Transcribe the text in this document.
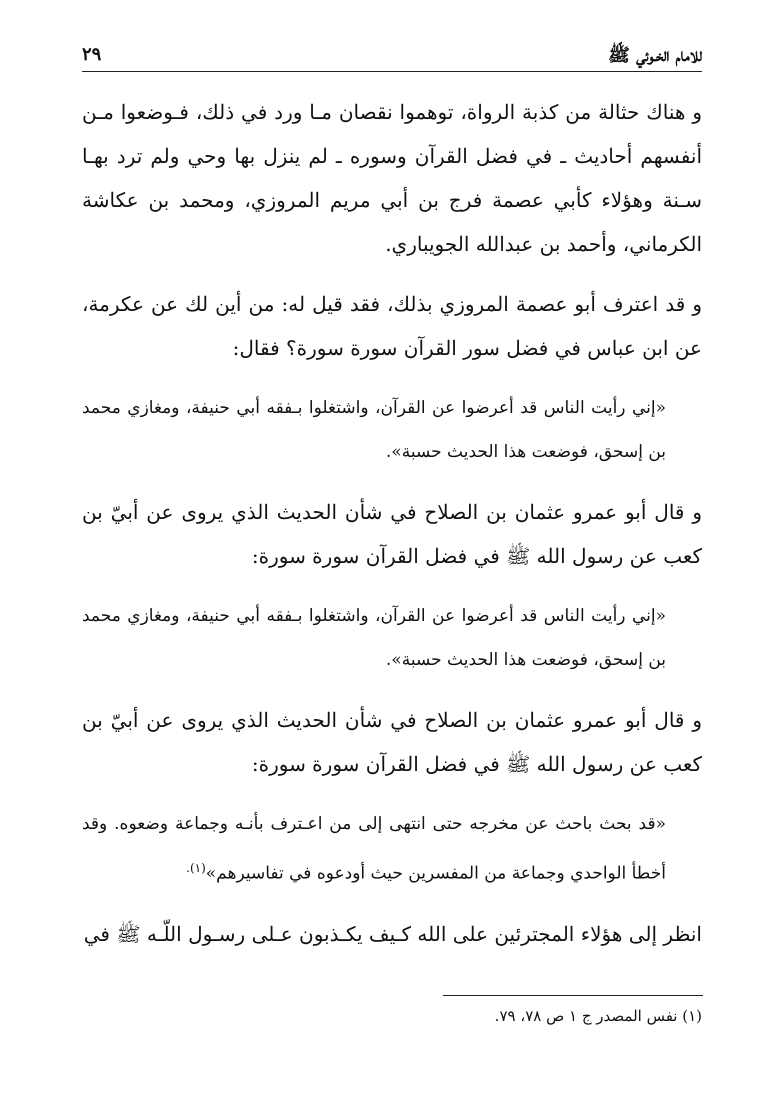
للامام الخـوئي ﷺ
٢٩

و هناك حثالة من كذبة الرواة، توهموا نقصان مـا ورد في ذلك، فـوضعوا مـن أنفسهم أحاديث ـ في فضل القرآن وسوره ـ لم ينزل بها وحي ولم ترد بهـا سـنة وهؤلاء كأبي عصمة فرج بن أبي مريم المروزي، ومحمد بن عكاشة الكرماني، وأحمد بن عبدالله الجويباري.

و قد اعترف أبو عصمة المروزي بذلك، فقد قيل له: من أين لك عن عكرمة، عن ابن عباس في فضل سور القرآن سورة سورة؟ فقال:

«إني رأيت الناس قد أعرضوا عن القرآن، واشتغلوا بـفقه أبي حنيفة، ومغازي محمد بن إسحق، فوضعت هذا الحديث حسبة».

و قال أبو عمرو عثمان بن الصلاح في شأن الحديث الذي يروى عن أبيّ بن كعب عن رسول الله ﷺ في فضل القرآن سورة سورة:

«إني رأيت الناس قد أعرضوا عن القرآن، واشتغلوا بـفقه أبي حنيفة، ومغازي محمد بن إسحق، فوضعت هذا الحديث حسبة».

و قال أبو عمرو عثمان بن الصلاح في شأن الحديث الذي يروى عن أبيّ بن كعب عن رسول الله ﷺ في فضل القرآن سورة سورة:

«قد بحث باحث عن مخرجه حتى انتهى إلى من اعـترف بأنـه وجماعة وضعوه. وقد أخطأ الواحدي وجماعة من المفسرين حيث أودعوه في تفاسيرهم»$^{(١).}$

انظر إلى هؤلاء المجترئين على الله كـيف يكـذبون عـلى رسـول اللّـه ﷺ في

(١) نفس المصدر ج ١ ص ٧٨، ٧٩.
